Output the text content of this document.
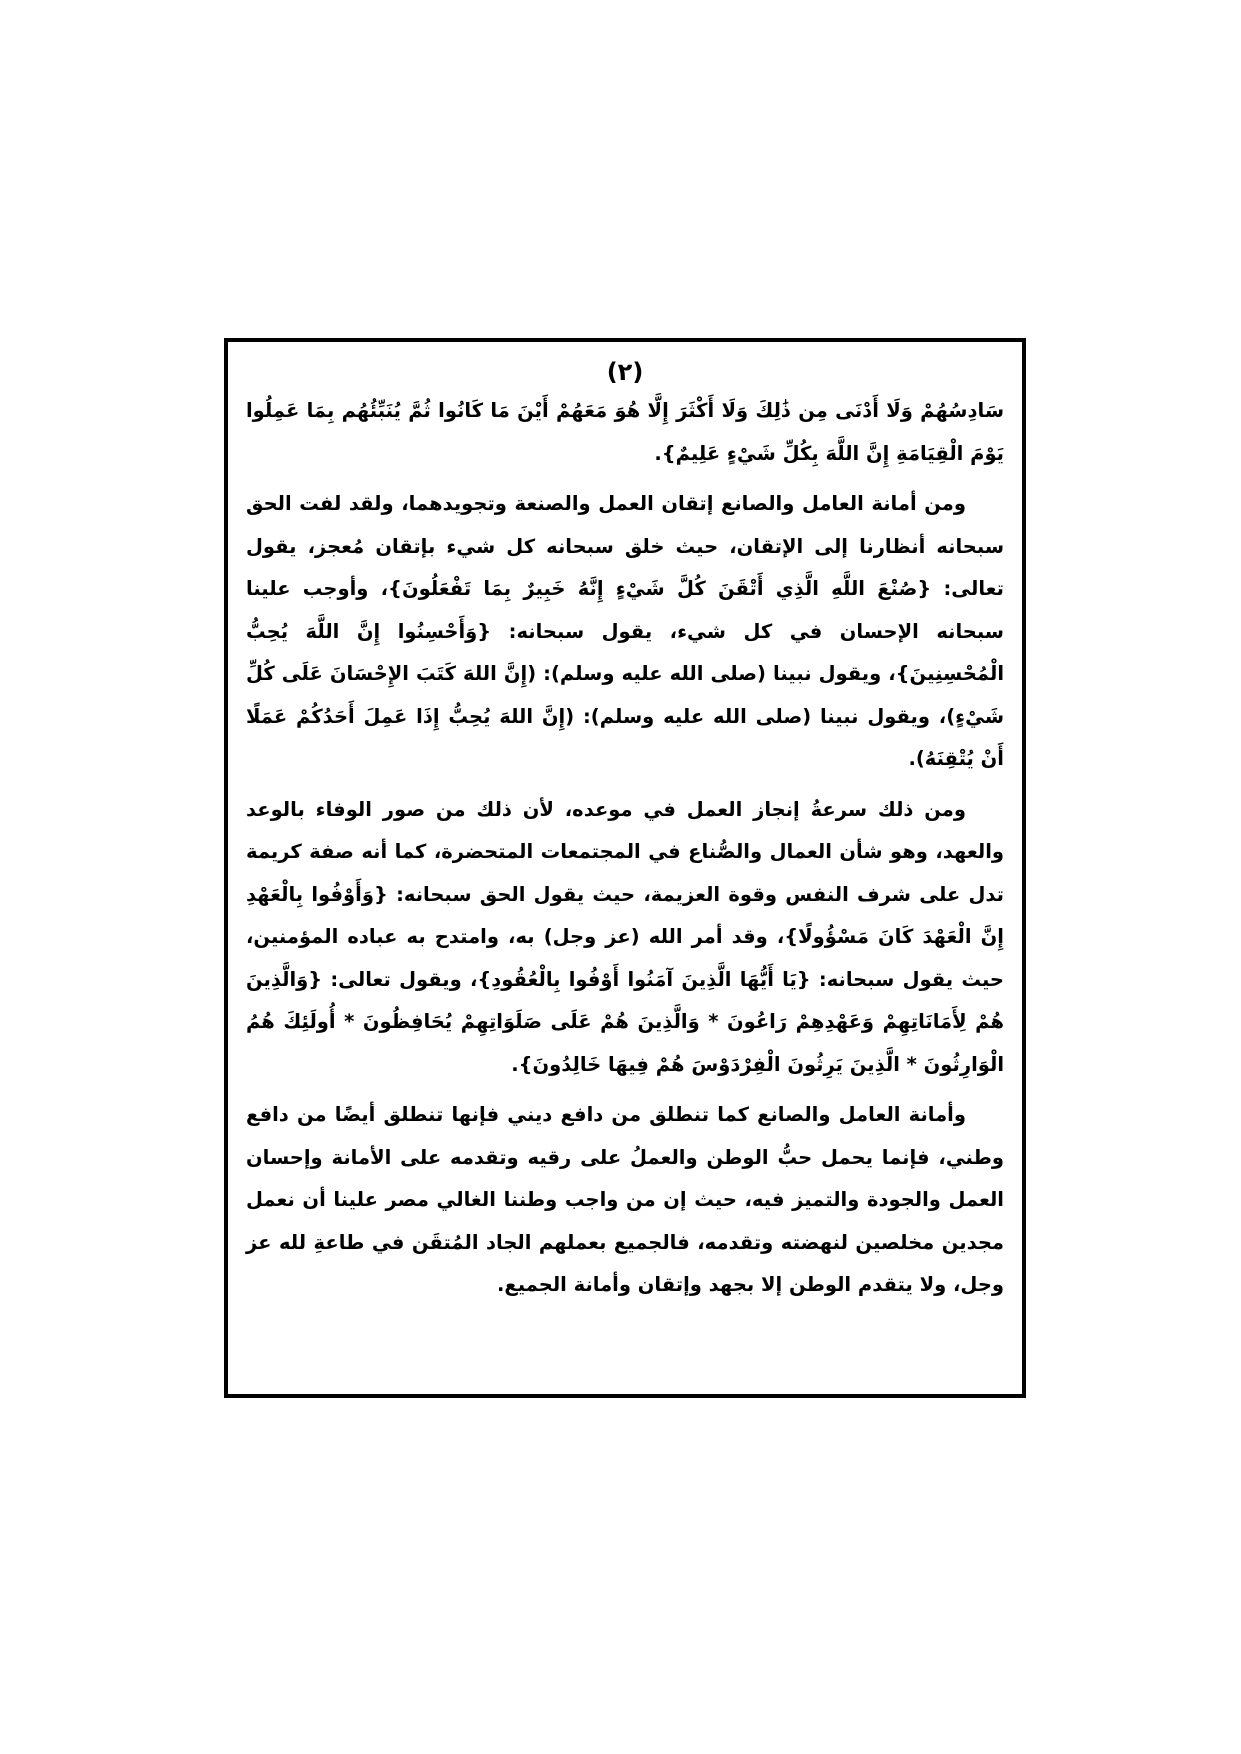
(٢)

سَادِسُهُمْ وَلَا أَدْنَى مِن ذَٰلِكَ وَلَا أَكْثَرَ إِلَّا هُوَ مَعَهُمْ أَيْنَ مَا كَانُوا ثُمَّ يُنَبِّئُهُم بِمَا عَمِلُوا يَوْمَ الْقِيَامَةِ إِنَّ اللَّهَ بِكُلِّ شَيْءٍ عَلِيمٌ}.

ومن أمانة العامل والصانع إتقان العمل والصنعة وتجويدهما، ولقد لفت الحق سبحانه أنظارنا إلى الإتقان، حيث خلق سبحانه كل شيء بإتقان مُعجز، يقول تعالى: {صُنْعَ اللَّهِ الَّذِي أَتْقَنَ كُلَّ شَيْءٍ إِنَّهُ خَبِيرٌ بِمَا تَفْعَلُونَ}، وأوجب علينا سبحانه الإحسان في كل شيء، يقول سبحانه: {وَأَحْسِنُوا إِنَّ اللَّهَ يُحِبُّ الْمُحْسِنِينَ}، ويقول نبينا (صلى الله عليه وسلم): (إِنَّ اللهَ كَتَبَ الإِحْسَانَ عَلَى كُلِّ شَيْءٍ)، ويقول نبينا (صلى الله عليه وسلم): (إِنَّ اللهَ يُحِبُّ إِذَا عَمِلَ أَحَدُكُمْ عَمَلًا أَنْ يُتْقِنَهُ).

ومن ذلك سرعةُ إنجاز العمل في موعده، لأن ذلك من صور الوفاء بالوعد والعهد، وهو شأن العمال والصُّناع في المجتمعات المتحضرة، كما أنه صفة كريمة تدل على شرف النفس وقوة العزيمة، حيث يقول الحق سبحانه: {وَأَوْفُوا بِالْعَهْدِ إِنَّ الْعَهْدَ كَانَ مَسْؤُولًا}، وقد أمر الله (عز وجل) به، وامتدح به عباده المؤمنين، حيث يقول سبحانه: {يَا أَيُّهَا الَّذِينَ آمَنُوا أَوْفُوا بِالْعُقُودِ}، ويقول تعالى: {وَالَّذِينَ هُمْ لِأَمَانَاتِهِمْ وَعَهْدِهِمْ رَاعُونَ * وَالَّذِينَ هُمْ عَلَى صَلَوَاتِهِمْ يُحَافِظُونَ * أُولَئِكَ هُمُ الْوَارِثُونَ * الَّذِينَ يَرِثُونَ الْفِرْدَوْسَ هُمْ فِيهَا خَالِدُونَ}.

وأمانة العامل والصانع كما تنطلق من دافع ديني فإنها تنطلق أيضًا من دافع وطني، فإنما يحمل حبُّ الوطن والعملُ على رقيه وتقدمه على الأمانة وإحسان العمل والجودة والتميز فيه، حيث إن من واجب وطننا الغالي مصر علينا أن نعمل مجدين مخلصين لنهضته وتقدمه، فالجميع بعملهم الجاد المُتقَن في طاعةِ لله عز وجل، ولا يتقدم الوطن إلا بجهد وإتقان وأمانة الجميع.
